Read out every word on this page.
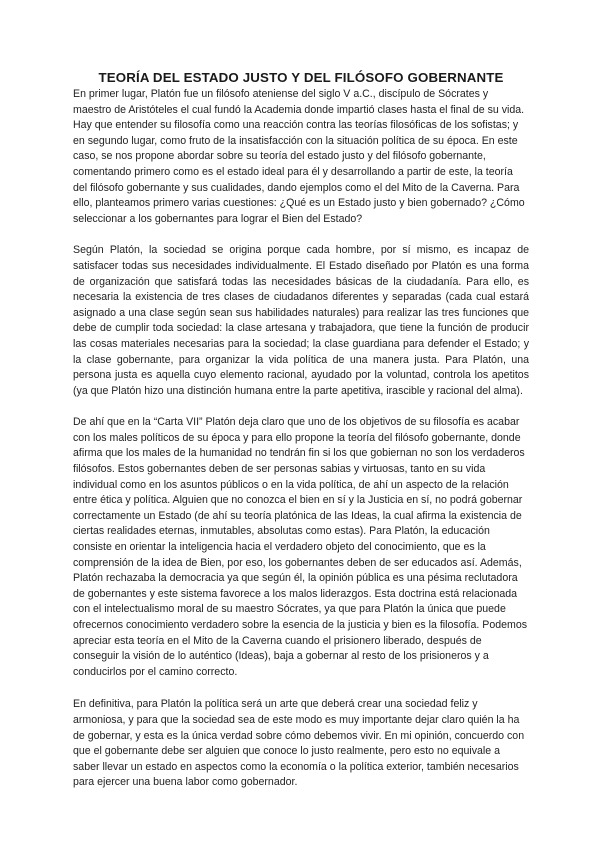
TEORÍA DEL ESTADO JUSTO Y DEL FILÓSOFO GOBERNANTE

En primer lugar, Platón fue un filósofo ateniense del siglo V a.C., discípulo de Sócrates y maestro de Aristóteles el cual fundó la Academia donde impartió clases hasta el final de su vida. Hay que entender su filosofía como una reacción contra las teorías filosóficas de los sofistas; y en segundo lugar, como fruto de la insatisfacción con la situación política de su época. En este caso, se nos propone abordar sobre su teoría del estado justo y del filósofo gobernante, comentando primero como es el estado ideal para él y desarrollando a partir de este, la teoría del filósofo gobernante y sus cualidades, dando ejemplos como el del Mito de la Caverna. Para ello, planteamos primero varias cuestiones: ¿Qué es un Estado justo y bien gobernado? ¿Cómo seleccionar a los gobernantes para lograr el Bien del Estado?

Según Platón, la sociedad se origina porque cada hombre, por sí mismo, es incapaz de satisfacer todas sus necesidades individualmente. El Estado diseñado por Platón es una forma de organización que satisfará todas las necesidades básicas de la ciudadanía. Para ello, es necesaria la existencia de tres clases de ciudadanos diferentes y separadas (cada cual estará asignado a una clase según sean sus habilidades naturales) para realizar las tres funciones que debe de cumplir toda sociedad: la clase artesana y trabajadora, que tiene la función de producir las cosas materiales necesarias para la sociedad; la clase guardiana para defender el Estado; y la clase gobernante, para organizar la vida política de una manera justa. Para Platón, una persona justa es aquella cuyo elemento racional, ayudado por la voluntad, controla los apetitos (ya que Platón hizo una distinción humana entre la parte apetitiva, irascible y racional del alma).

De ahí que en la “Carta VII” Platón deja claro que uno de los objetivos de su filosofía es acabar con los males políticos de su época y para ello propone la teoría del filósofo gobernante, donde afirma que los males de la humanidad no tendrán fin si los que gobiernan no son los verdaderos filósofos. Estos gobernantes deben de ser personas sabias y virtuosas, tanto en su vida individual como en los asuntos públicos o en la vida política, de ahí un aspecto de la relación entre ética y política. Alguien que no conozca el bien en sí y la Justicia en sí, no podrá gobernar correctamente un Estado (de ahí su teoría platónica de las Ideas, la cual afirma la existencia de ciertas realidades eternas, inmutables, absolutas como estas). Para Platón, la educación consiste en orientar la inteligencia hacia el verdadero objeto del conocimiento, que es la comprensión de la idea de Bien, por eso, los gobernantes deben de ser educados así. Además, Platón rechazaba la democracia ya que según él, la opinión pública es una pésima reclutadora de gobernantes y este sistema favorece a los malos liderazgos. Esta doctrina está relacionada con el intelectualismo moral de su maestro Sócrates, ya que para Platón la única que puede ofrecernos conocimiento verdadero sobre la esencia de la justicia y bien es la filosofía. Podemos apreciar esta teoría en el Mito de la Caverna cuando el prisionero liberado, después de conseguir la visión de lo auténtico (Ideas), baja a gobernar al resto de los prisioneros y a conducirlos por el camino correcto.

En definitiva, para Platón la política será un arte que deberá crear una sociedad feliz y armoniosa, y para que la sociedad sea de este modo es muy importante dejar claro quién la ha de gobernar, y esta es la única verdad sobre cómo debemos vivir. En mi opinión, concuerdo con que el gobernante debe ser alguien que conoce lo justo realmente, pero esto no equivale a saber llevar un estado en aspectos como la economía o la política exterior, también necesarios para ejercer una buena labor como gobernador.
